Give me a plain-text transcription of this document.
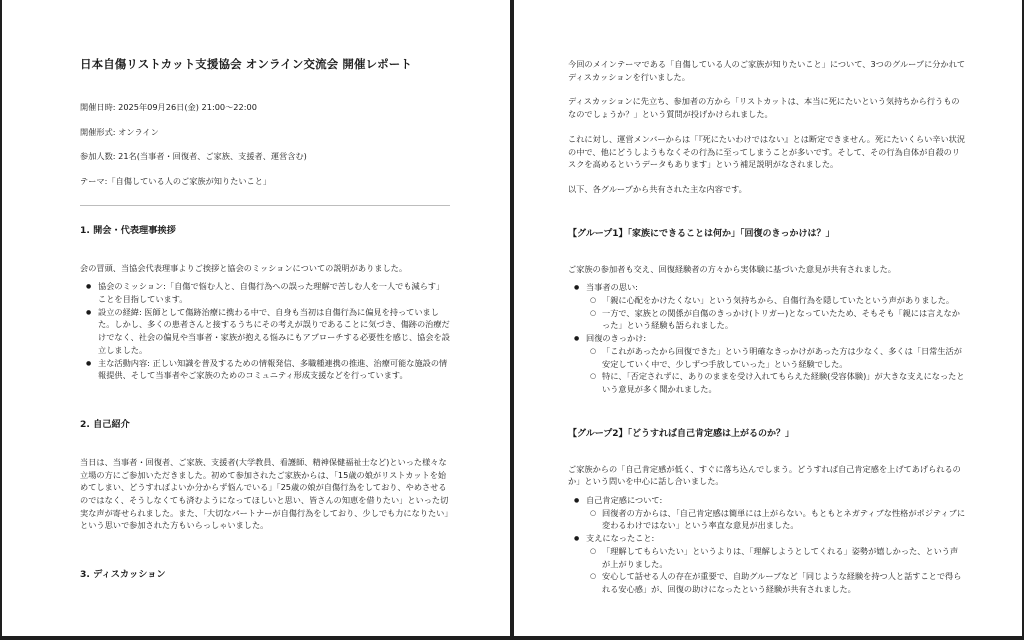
日本自傷リストカット支援協会 オンライン交流会 開催レポート
開催日時: 2025年09月26日(金) 21:00～22:00
開催形式: オンライン
参加人数: 21名(当事者・回復者、ご家族、支援者、運営含む)
テーマ:「自傷している人のご家族が知りたいこと」
1. 開会・代表理事挨拶
会の冒頭、当協会代表理事よりご挨拶と協会のミッションについての説明がありました。
● 協会のミッション:「自傷で悩む人と、自傷行為への誤った理解で苦しむ人を一人でも減らす」ことを目指しています。
● 設立の経緯: 医師として傷跡治療に携わる中で、自身も当初は自傷行為に偏見を持っていました。しかし、多くの患者さんと接するうちにその考えが誤りであることに気づき、傷跡の治療だけでなく、社会の偏見や当事者・家族が抱える悩みにもアプローチする必要性を感じ、協会を設立しました。
● 主な活動内容: 正しい知識を普及するための情報発信、多職種連携の推進、治療可能な施設の情報提供、そして当事者やご家族のためのコミュニティ形成支援などを行っています。
2. 自己紹介
当日は、当事者・回復者、ご家族、支援者(大学教員、看護師、精神保健福祉士など)といった様々な立場の方にご参加いただきました。初めて参加されたご家族からは、「15歳の娘がリストカットを始めてしまい、どうすればよいか分からず悩んでいる」「25歳の娘が自傷行為をしており、やめさせるのではなく、そうしなくても済むようになってほしいと思い、皆さんの知恵を借りたい」といった切実な声が寄せられました。また、「大切なパートナーが自傷行為をしており、少しでも力になりたい」という思いで参加された方もいらっしゃいました。
3. ディスカッション
今回のメインテーマである「自傷している人のご家族が知りたいこと」について、3つのグループに分かれてディスカッションを行いました。
ディスカッションに先立ち、参加者の方から「リストカットは、本当に死にたいという気持ちから行うものなのでしょうか？」という質問が投げかけられました。
これに対し、運営メンバーからは「『死にたいわけではない』とは断定できません。死にたいくらい辛い状況の中で、他にどうしようもなくその行為に至ってしまうことが多いです。そして、その行為自体が自殺のリスクを高めるというデータもあります」という補足説明がなされました。
以下、各グループから共有された主な内容です。
【グループ1】「家族にできることは何か」「回復のきっかけは？」
ご家族の参加者も交え、回復経験者の方々から実体験に基づいた意見が共有されました。
● 当事者の思い:
○ 「親に心配をかけたくない」という気持ちから、自傷行為を隠していたという声がありました。
○ 一方で、家族との関係が自傷のきっかけ(トリガー)となっていたため、そもそも「親には言えなかった」という経験も語られました。
● 回復のきっかけ:
○ 「これがあったから回復できた」という明確なきっかけがあった方は少なく、多くは「日常生活が安定していく中で、少しずつ手放していった」という経験でした。
○ 特に、「否定されずに、ありのままを受け入れてもらえた経験(受容体験)」が大きな支えになったという意見が多く聞かれました。
【グループ2】「どうすれば自己肯定感は上がるのか？」
ご家族からの「自己肯定感が低く、すぐに落ち込んでしまう。どうすれば自己肯定感を上げてあげられるのか」という問いを中心に話し合いました。
● 自己肯定感について:
○ 回復者の方からは、「自己肯定感は簡単には上がらない。もともとネガティブな性格がポジティブに変わるわけではない」という率直な意見が出ました。
● 支えになったこと:
○ 「理解してもらいたい」というよりは、「理解しようとしてくれる」姿勢が嬉しかった、という声が上がりました。
○ 安心して話せる人の存在が重要で、自助グループなど「同じような経験を持つ人と話すことで得られる安心感」が、回復の助けになったという経験が共有されました。
